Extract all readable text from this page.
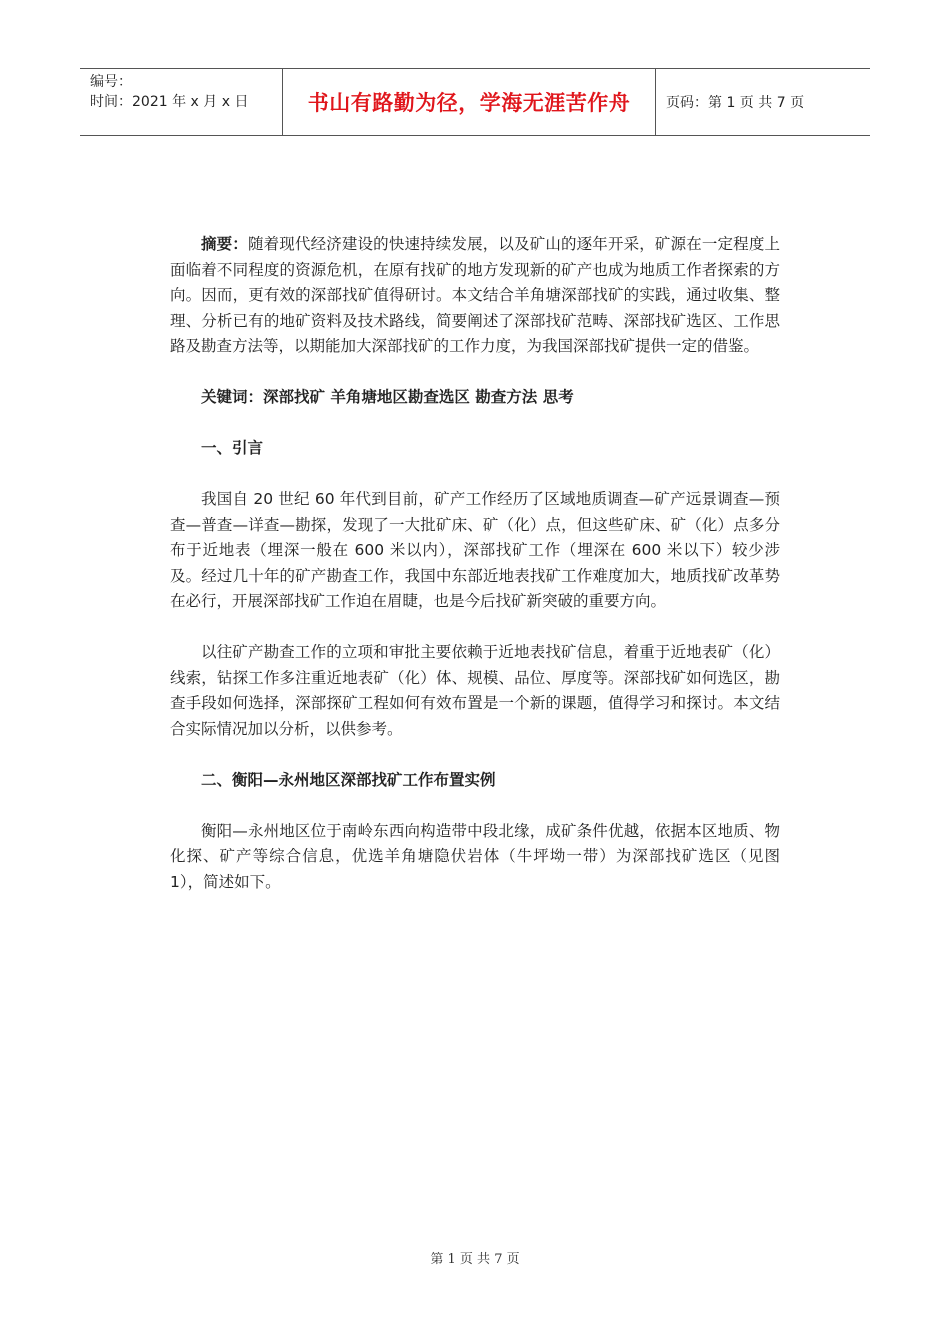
编号：
时间：2021 年 x 月 x 日	书山有路勤为径，学海无涯苦作舟	页码：第 1 页 共 7 页

摘要：随着现代经济建设的快速持续发展，以及矿山的逐年开采，矿源在一定程度上面临着不同程度的资源危机，在原有找矿的地方发现新的矿产也成为地质工作者探索的方向。因而，更有效的深部找矿值得研讨。本文结合羊角塘深部找矿的实践，通过收集、整理、分析已有的地矿资料及技术路线，简要阐述了深部找矿范畴、深部找矿选区、工作思路及勘查方法等，以期能加大深部找矿的工作力度，为我国深部找矿提供一定的借鉴。

关键词：深部找矿 羊角塘地区勘查选区 勘查方法 思考

一、引言

我国自 20 世纪 60 年代到目前，矿产工作经历了区域地质调查—矿产远景调查—预查—普查—详查—勘探，发现了一大批矿床、矿（化）点，但这些矿床、矿（化）点多分布于近地表（埋深一般在 600 米以内），深部找矿工作（埋深在 600 米以下）较少涉及。经过几十年的矿产勘查工作，我国中东部近地表找矿工作难度加大，地质找矿改革势在必行，开展深部找矿工作迫在眉睫，也是今后找矿新突破的重要方向。

以往矿产勘查工作的立项和审批主要依赖于近地表找矿信息，着重于近地表矿（化）线索，钻探工作多注重近地表矿（化）体、规模、品位、厚度等。深部找矿如何选区，勘查手段如何选择，深部探矿工程如何有效布置是一个新的课题，值得学习和探讨。本文结合实际情况加以分析，以供参考。

二、衡阳—永州地区深部找矿工作布置实例

衡阳—永州地区位于南岭东西向构造带中段北缘，成矿条件优越，依据本区地质、物化探、矿产等综合信息，优选羊角塘隐伏岩体（牛坪坳一带）为深部找矿选区（见图 1），简述如下。

第 1 页 共 7 页
